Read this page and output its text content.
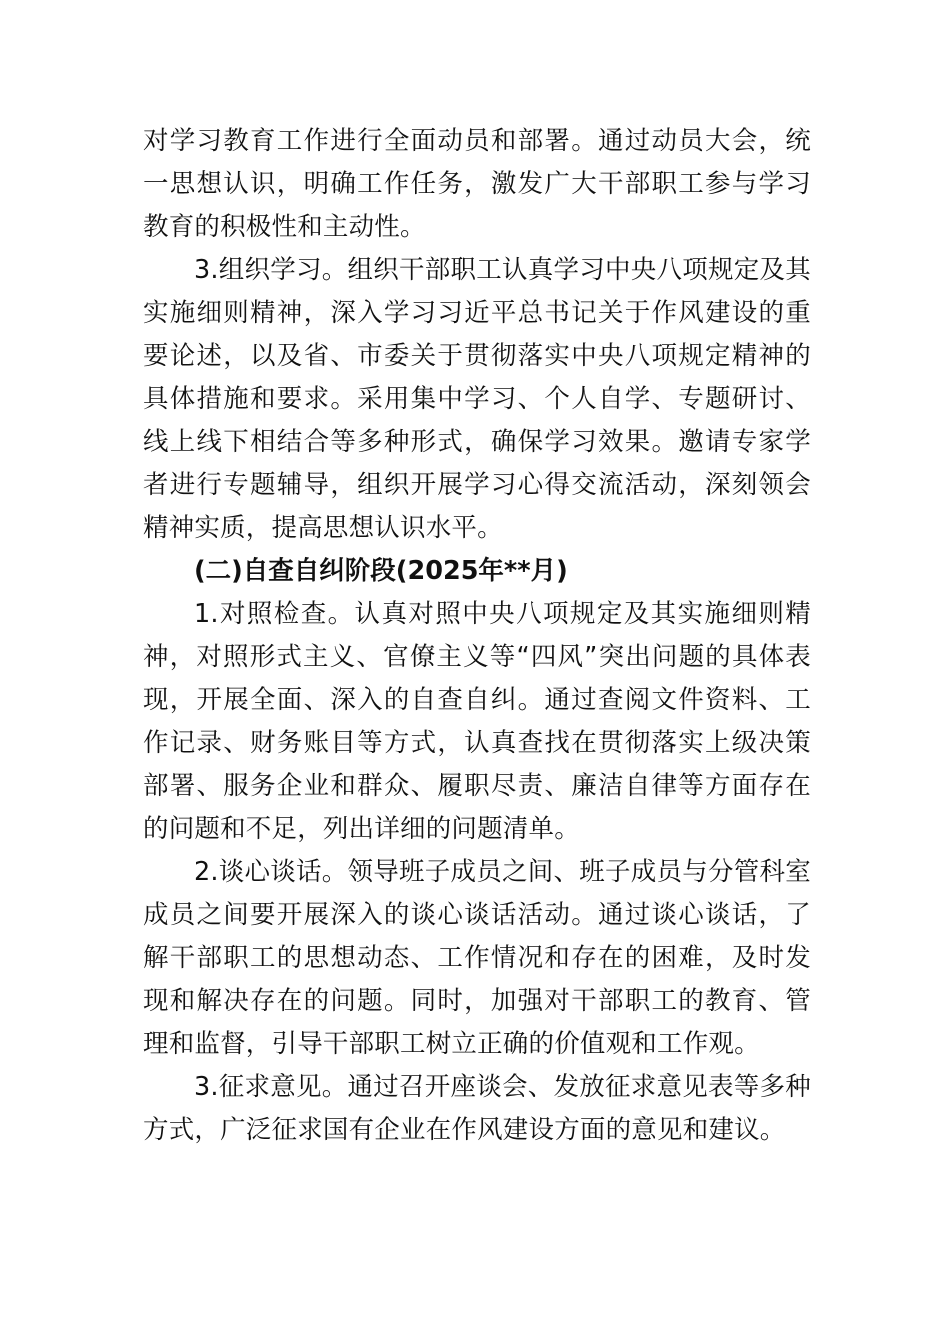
对学习教育工作进行全面动员和部署。通过动员大会，统一思想认识，明确工作任务，激发广大干部职工参与学习教育的积极性和主动性。

3.组织学习。组织干部职工认真学习中央八项规定及其实施细则精神，深入学习习近平总书记关于作风建设的重要论述，以及省、市委关于贯彻落实中央八项规定精神的具体措施和要求。采用集中学习、个人自学、专题研讨、线上线下相结合等多种形式，确保学习效果。邀请专家学者进行专题辅导，组织开展学习心得交流活动，深刻领会精神实质，提高思想认识水平。

(二)自查自纠阶段(2025年**月)

1.对照检查。认真对照中央八项规定及其实施细则精神，对照形式主义、官僚主义等“四风”突出问题的具体表现，开展全面、深入的自查自纠。通过查阅文件资料、工作记录、财务账目等方式，认真查找在贯彻落实上级决策部署、服务企业和群众、履职尽责、廉洁自律等方面存在的问题和不足，列出详细的问题清单。

2.谈心谈话。领导班子成员之间、班子成员与分管科室成员之间要开展深入的谈心谈话活动。通过谈心谈话，了解干部职工的思想动态、工作情况和存在的困难，及时发现和解决存在的问题。同时，加强对干部职工的教育、管理和监督，引导干部职工树立正确的价值观和工作观。

3.征求意见。通过召开座谈会、发放征求意见表等多种方式，广泛征求国有企业在作风建设方面的意见和建议。
